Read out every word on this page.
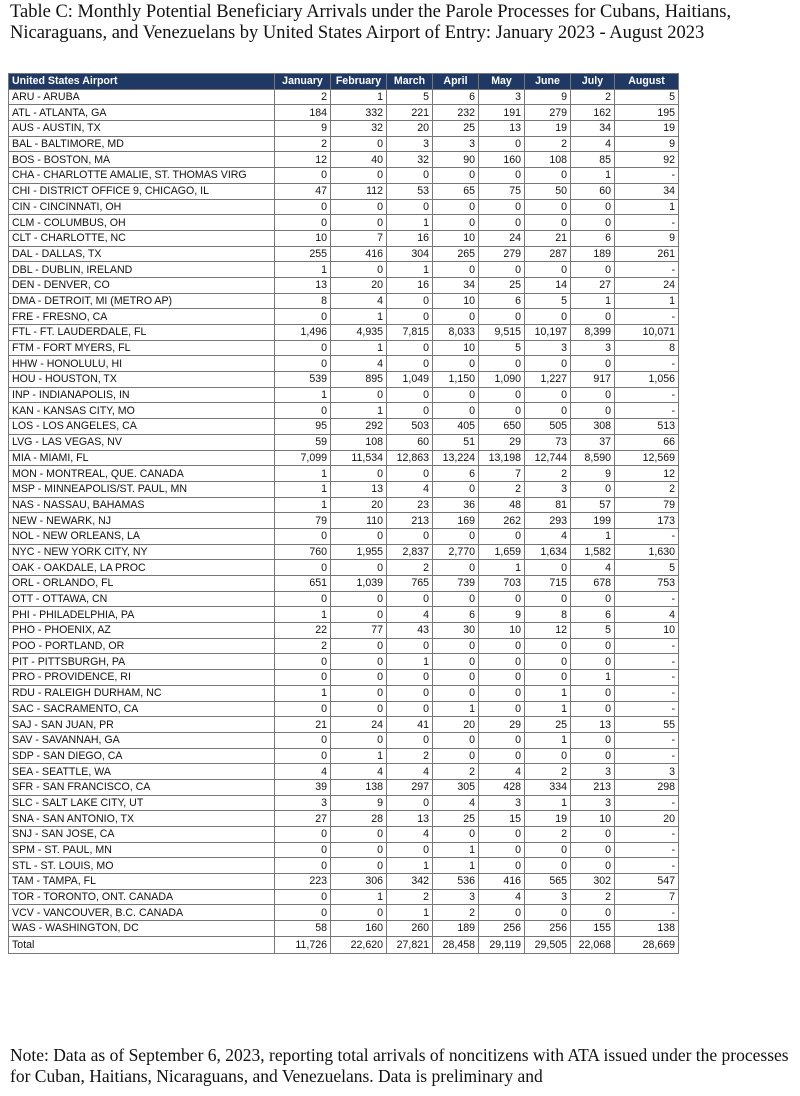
Table C: Monthly Potential Beneficiary Arrivals under the Parole Processes for Cubans, Haitians, Nicaraguans, and Venezuelans by United States Airport of Entry: January 2023 - August 2023
United States Airport	January	February	March	April	May	June	July	August
ARU - ARUBA	2	1	5	6	3	9	2	5
ATL - ATLANTA, GA	184	332	221	232	191	279	162	195
AUS - AUSTIN, TX	9	32	20	25	13	19	34	19
BAL - BALTIMORE, MD	2	0	3	3	0	2	4	9
BOS - BOSTON, MA	12	40	32	90	160	108	85	92
CHA - CHARLOTTE AMALIE, ST. THOMAS VIRG	0	0	0	0	0	0	1	-
CHI - DISTRICT OFFICE 9, CHICAGO, IL	47	112	53	65	75	50	60	34
CIN - CINCINNATI, OH	0	0	0	0	0	0	0	1
CLM - COLUMBUS, OH	0	0	1	0	0	0	0	-
CLT - CHARLOTTE, NC	10	7	16	10	24	21	6	9
DAL - DALLAS, TX	255	416	304	265	279	287	189	261
DBL - DUBLIN, IRELAND	1	0	1	0	0	0	0	-
DEN - DENVER, CO	13	20	16	34	25	14	27	24
DMA - DETROIT, MI (METRO AP)	8	4	0	10	6	5	1	1
FRE - FRESNO, CA	0	1	0	0	0	0	0	-
FTL - FT. LAUDERDALE, FL	1,496	4,935	7,815	8,033	9,515	10,197	8,399	10,071
FTM - FORT MYERS, FL	0	1	0	10	5	3	3	8
HHW - HONOLULU, HI	0	4	0	0	0	0	0	-
HOU - HOUSTON, TX	539	895	1,049	1,150	1,090	1,227	917	1,056
INP - INDIANAPOLIS, IN	1	0	0	0	0	0	0	-
KAN - KANSAS CITY, MO	0	1	0	0	0	0	0	-
LOS - LOS ANGELES, CA	95	292	503	405	650	505	308	513
LVG - LAS VEGAS, NV	59	108	60	51	29	73	37	66
MIA - MIAMI, FL	7,099	11,534	12,863	13,224	13,198	12,744	8,590	12,569
MON - MONTREAL, QUE. CANADA	1	0	0	6	7	2	9	12
MSP - MINNEAPOLIS/ST. PAUL, MN	1	13	4	0	2	3	0	2
NAS - NASSAU, BAHAMAS	1	20	23	36	48	81	57	79
NEW - NEWARK, NJ	79	110	213	169	262	293	199	173
NOL - NEW ORLEANS, LA	0	0	0	0	0	4	1	-
NYC - NEW YORK CITY, NY	760	1,955	2,837	2,770	1,659	1,634	1,582	1,630
OAK - OAKDALE, LA PROC	0	0	2	0	1	0	4	5
ORL - ORLANDO, FL	651	1,039	765	739	703	715	678	753
OTT - OTTAWA, CN	0	0	0	0	0	0	0	-
PHI - PHILADELPHIA, PA	1	0	4	6	9	8	6	4
PHO - PHOENIX, AZ	22	77	43	30	10	12	5	10
POO - PORTLAND, OR	2	0	0	0	0	0	0	-
PIT - PITTSBURGH, PA	0	0	1	0	0	0	0	-
PRO - PROVIDENCE, RI	0	0	0	0	0	0	1	-
RDU - RALEIGH DURHAM, NC	1	0	0	0	0	1	0	-
SAC - SACRAMENTO, CA	0	0	0	1	0	1	0	-
SAJ - SAN JUAN, PR	21	24	41	20	29	25	13	55
SAV - SAVANNAH, GA	0	0	0	0	0	1	0	-
SDP - SAN DIEGO, CA	0	1	2	0	0	0	0	-
SEA - SEATTLE, WA	4	4	4	2	4	2	3	3
SFR - SAN FRANCISCO, CA	39	138	297	305	428	334	213	298
SLC - SALT LAKE CITY, UT	3	9	0	4	3	1	3	-
SNA - SAN ANTONIO, TX	27	28	13	25	15	19	10	20
SNJ - SAN JOSE, CA	0	0	4	0	0	2	0	-
SPM - ST. PAUL, MN	0	0	0	1	0	0	0	-
STL - ST. LOUIS, MO	0	0	1	1	0	0	0	-
TAM - TAMPA, FL	223	306	342	536	416	565	302	547
TOR - TORONTO, ONT. CANADA	0	1	2	3	4	3	2	7
VCV - VANCOUVER, B.C. CANADA	0	0	1	2	0	0	0	-
WAS - WASHINGTON, DC	58	160	260	189	256	256	155	138
Total	11,726	22,620	27,821	28,458	29,119	29,505	22,068	28,669
Note: Data as of September 6, 2023, reporting total arrivals of noncitizens with ATA issued under the processes for Cuban, Haitians, Nicaraguans, and Venezuelans. Data is preliminary and
